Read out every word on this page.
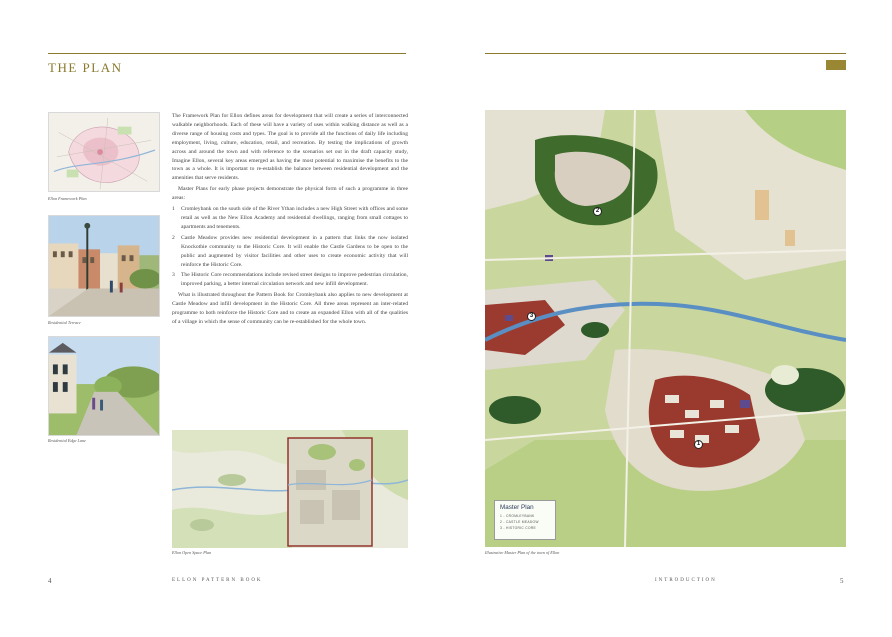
THE PLAN
Ellon Framework Plan
Residential Terrace
Residential Edge Lane

The Framework Plan for Ellon defines areas for development that will create a series of interconnected walkable neighborhoods. Each of these will have a variety of uses within walking distance as well as a diverse range of housing costs and types. The goal is to provide all the functions of daily life including employment, living, culture, education, retail, and recreation. By testing the implications of growth across and around the town and with reference to the scenarios set out in the draft capacity study, Imagine Ellon, several key areas emerged as having the most potential to maximise the benefits to the town as a whole. It is important to re-establish the balance between residential development and the amenities that serve residents.

Master Plans for early phase projects demonstrate the physical form of such a programme in three areas:

1 Cromleybank on the south side of the River Ythan includes a new High Street with offices and some retail as well as the New Ellon Academy and residential dwellings, ranging from small cottages to apartments and tenements.
2 Castle Meadow provides new residential development in a pattern that links the now isolated Knockothie community to the Historic Core. It will enable the Castle Gardens to be open to the public and augmented by visitor facilities and other uses to create economic activity that will reinforce the Historic Core.
3 The Historic Core recommendations include revised street designs to improve pedestrian circulation, improved parking, a better internal circulation network and new infill development.

What is illustrated throughout the Pattern Book for Cromleybank also applies to new development at Castle Meadow and infill development in the Historic Core. All three areas represent an inter-related programme to both reinforce the Historic Core and to create an expanded Ellon with all of the qualities of a village in which the sense of community can be re-established for the whole town.

Ellon Open Space Plan
1
2
3
Master Plan
1 - CROMLEYBANK
2 - CASTLE MEADOW
3 - HISTORIC CORE
Illustrative Master Plan of the town of Ellon
4	ELLON PATTERN BOOK	INTRODUCTION	5
